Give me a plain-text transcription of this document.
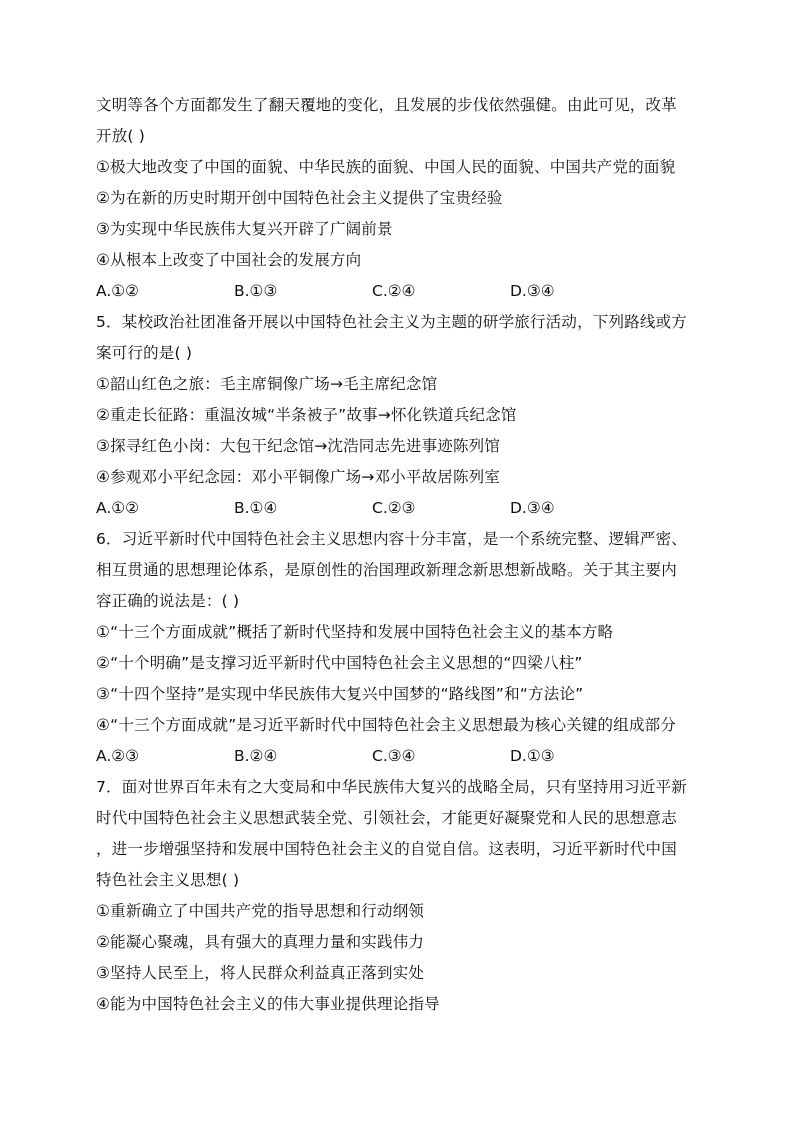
文明等各个方面都发生了翻天覆地的变化，且发展的步伐依然强健。由此可见，改革
开放( )
①极大地改变了中国的面貌、中华民族的面貌、中国人民的面貌、中国共产党的面貌
②为在新的历史时期开创中国特色社会主义提供了宝贵经验
③为实现中华民族伟大复兴开辟了广阔前景
④从根本上改变了中国社会的发展方向
A.①②	B.①③	C.②④	D.③④
5．某校政治社团准备开展以中国特色社会主义为主题的研学旅行活动，下列路线或方
案可行的是( )
①韶山红色之旅：毛主席铜像广场→毛主席纪念馆
②重走长征路：重温汝城“半条被子”故事→怀化铁道兵纪念馆
③探寻红色小岗：大包干纪念馆→沈浩同志先进事迹陈列馆
④参观邓小平纪念园：邓小平铜像广场→邓小平故居陈列室
A.①②	B.①④	C.②③	D.③④
6．习近平新时代中国特色社会主义思想内容十分丰富，是一个系统完整、逻辑严密、
相互贯通的思想理论体系，是原创性的治国理政新理念新思想新战略。关于其主要内
容正确的说法是：( )
①“十三个方面成就”概括了新时代坚持和发展中国特色社会主义的基本方略
②“十个明确”是支撑习近平新时代中国特色社会主义思想的“四梁八柱”
③“十四个坚持”是实现中华民族伟大复兴中国梦的“路线图”和“方法论”
④“十三个方面成就”是习近平新时代中国特色社会主义思想最为核心关键的组成部分
A.②③	B.②④	C.③④	D.①③
7．面对世界百年未有之大变局和中华民族伟大复兴的战略全局，只有坚持用习近平新
时代中国特色社会主义思想武装全党、引领社会，才能更好凝聚党和人民的思想意志
，进一步增强坚持和发展中国特色社会主义的自觉自信。这表明，习近平新时代中国
特色社会主义思想( )
①重新确立了中国共产党的指导思想和行动纲领
②能凝心聚魂，具有强大的真理力量和实践伟力
③坚持人民至上，将人民群众利益真正落到实处
④能为中国特色社会主义的伟大事业提供理论指导
